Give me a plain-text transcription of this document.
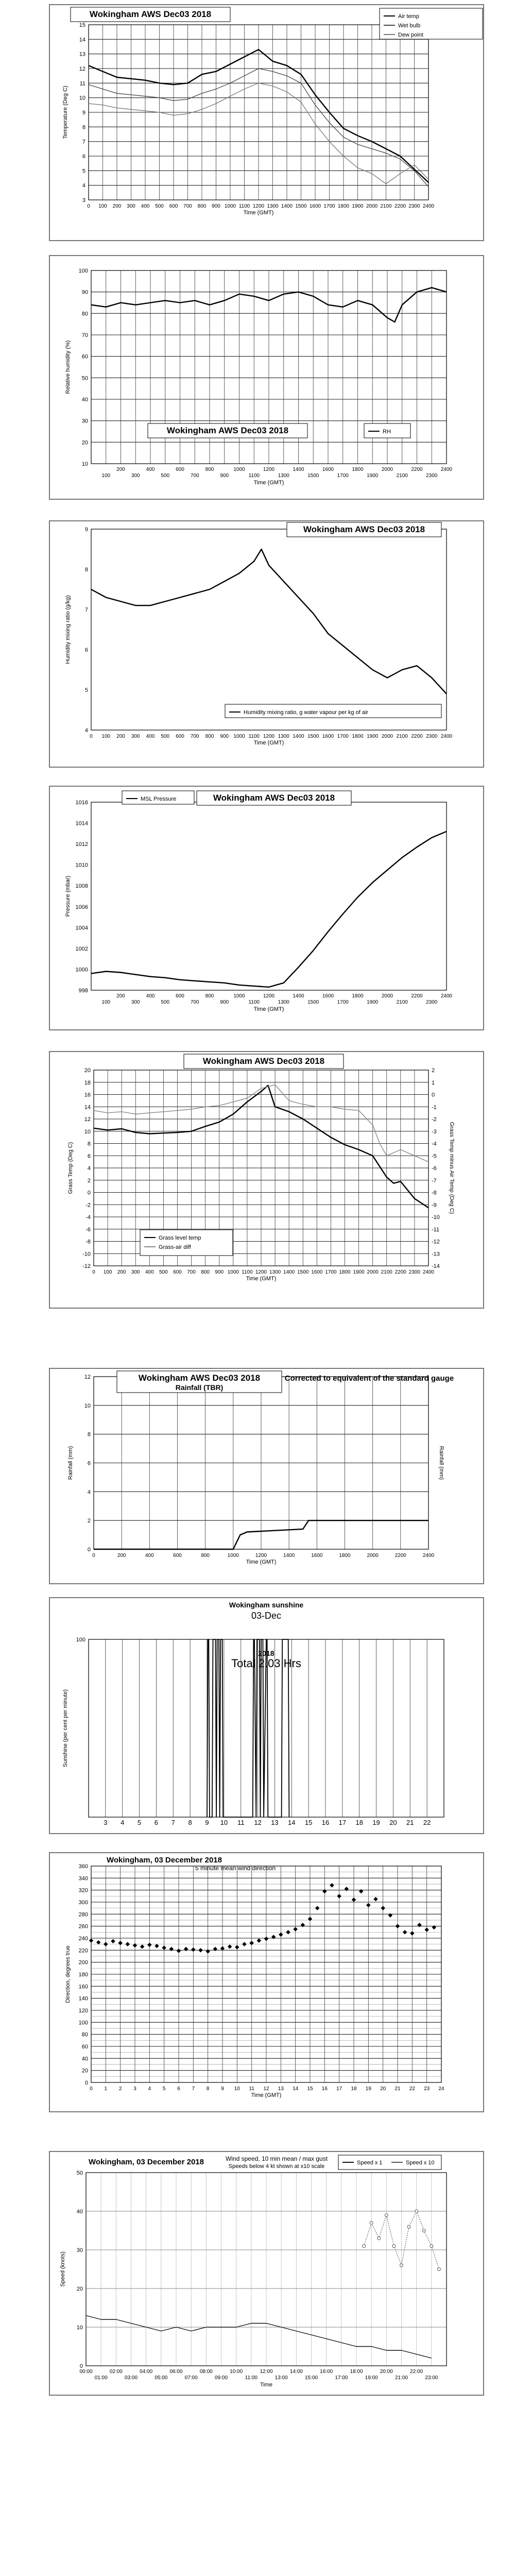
3
4
5
6
7
8
9
10
11
12
13
14
15
0 100 200 300 400 500 600 700 800 900 1000 1100 1200 1300 1400 1500 1600 1700 1800 1900 2000 2100 2200 2300 2400
Time (GMT)
Temperature (Deg C)
Wokingham AWS Dec03 2018	Air temp
Wet bulb
Dew point
10
20
30
40
50
60
70
80
90
100
200	400	600	800	1000	1200	1400	1600	1800	2000	2200	2400
100	300	500	700	900	1100	1300	1500	1700	1900	2100	2300
Time (GMT)
Relative humidity (%)
Wokingham AWS Dec03 2018	RH
4
5
6
7
8
9
0 100 200 300 400 500 600 700 800 900 1000 1100 1200 1300 1400 1500 1600 1700 1800 1900 2000 2100 2200 2300 2400
Time (GMT)
Humidity mixing ratio (g/kg)
Wokingham AWS Dec03 2018
Humidity mixing ratio, g water vapour per kg of air
998
1000
1002
1004
1006
1008
1010
1012
1014
1016
200	400	600	800	1000	1200	1400	1600	1800	2000	2200	2400
100	300	500	700	900	1100	1300	1500	1700	1900	2100	2300
Time (GMT)
Pressure (mbar)
Wokingham AWS Dec03 2018
MSL Pressure
-12
-10
-8
-6
-4
-2
0
2
4
6
8
10
12
14
16
18
20
-14
-13
-12
-11
-10
-9
-8
-7
-6
-5
-4
-3
-2
-1
0
1
2
0 100 200 300 400 500 600 700 800 900 1000 1100 1200 1300 1400 1500 1600 1700 1800 1900 2000 2100 2200 2300 2400
Time (GMT)
Grass Temp (Deg C)	Grass Temp minus Air Temp (Deg C)
Wokingham AWS Dec03 2018
Grass level temp
Grass-air diff
0
2
4
6
8
10
12
0	200	400	600	800	1000	1200	1400	1600	1800	2000	2200	2400
Time (GMT)
Rainfall (mm)	Rainfall (mm)
Wokingham AWS Dec03 2018
Rainfall (TBR)
Corrected to equivalent of the standard gauge
100
3 4 5 6 7 8 9 10 11 12 13 14 15 16 17 18 19 20 21 22
Sunshine (per cent per minute)
Wokingham sunshine
03-Dec
2018
Total 2.03 Hrs
0
20
40
60
80
100
120
140
160
180
200
220
240
260
280
300
320
340
360
0 1 2 3 4 5 6 7 8 9 10 11 12 13 14 15 16 17 18 19 20 21 22 23 24
Time (GMT)
Direction, degrees true
Wokingham, 03 December 2018
5 minute mean wind direction
0
10
20
30
40
50
00:00	02:00	04:00	06:00	08:00	10:00	12:00	14:00	16:00	18:00	20:00	22:00
01:00	03:00	05:00	07:00	09:00	11:00	13:00	15:00	17:00	19:00	21:00	23:00
Time
Speed (knots)
Wokingham, 03 December 2018	Wind speed, 10 min mean / max gust
Speeds below 4 kt shown at x10 scale
Speed x 1	Speed x 10
